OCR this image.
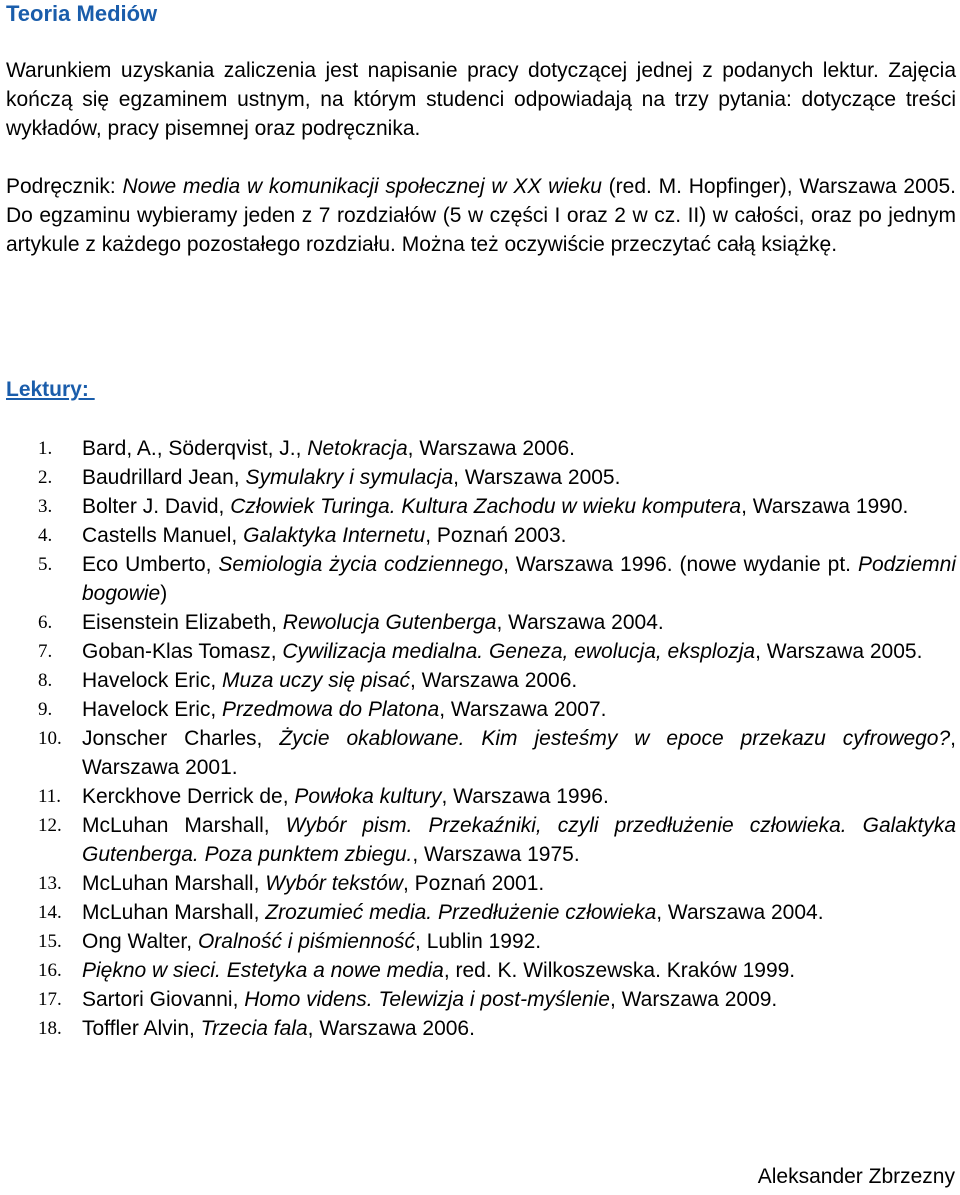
Teoria Mediów

Warunkiem uzyskania zaliczenia jest napisanie pracy dotyczącej jednej z podanych lektur. Zajęcia kończą się egzaminem ustnym, na którym studenci odpowiadają na trzy pytania: dotyczące treści wykładów, pracy pisemnej oraz podręcznika.

Podręcznik: Nowe media w komunikacji społecznej w XX wieku (red. M. Hopfinger), Warszawa 2005. Do egzaminu wybieramy jeden z 7 rozdziałów (5 w części I oraz 2 w cz. II) w całości, oraz po jednym artykule z każdego pozostałego rozdziału. Można też oczywiście przeczytać całą książkę.

Lektury:
1. Bard, A., Söderqvist, J., Netokracja, Warszawa 2006.
2. Baudrillard Jean, Symulakry i symulacja, Warszawa 2005.
3. Bolter J. David, Człowiek Turinga. Kultura Zachodu w wieku komputera, Warszawa 1990.
4. Castells Manuel, Galaktyka Internetu, Poznań 2003.
5. Eco Umberto, Semiologia życia codziennego, Warszawa 1996. (nowe wydanie pt. Podziemni bogowie)
6. Eisenstein Elizabeth, Rewolucja Gutenberga, Warszawa 2004.
7. Goban-Klas Tomasz, Cywilizacja medialna. Geneza, ewolucja, eksplozja, Warszawa 2005.
8. Havelock Eric, Muza uczy się pisać, Warszawa 2006.
9. Havelock Eric, Przedmowa do Platona, Warszawa 2007.
10. Jonscher Charles, Życie okablowane. Kim jesteśmy w epoce przekazu cyfrowego?, Warszawa 2001.
11. Kerckhove Derrick de, Powłoka kultury, Warszawa 1996.
12. McLuhan Marshall, Wybór pism. Przekaźniki, czyli przedłużenie człowieka. Galaktyka Gutenberga. Poza punktem zbiegu., Warszawa 1975.
13. McLuhan Marshall, Wybór tekstów, Poznań 2001.
14. McLuhan Marshall, Zrozumieć media. Przedłużenie człowieka, Warszawa 2004.
15. Ong Walter, Oralność i piśmienność, Lublin 1992.
16. Piękno w sieci. Estetyka a nowe media, red. K. Wilkoszewska. Kraków 1999.
17. Sartori Giovanni, Homo videns. Telewizja i post-myślenie, Warszawa 2009.
18. Toffler Alvin, Trzecia fala, Warszawa 2006.

Aleksander Zbrzezny
